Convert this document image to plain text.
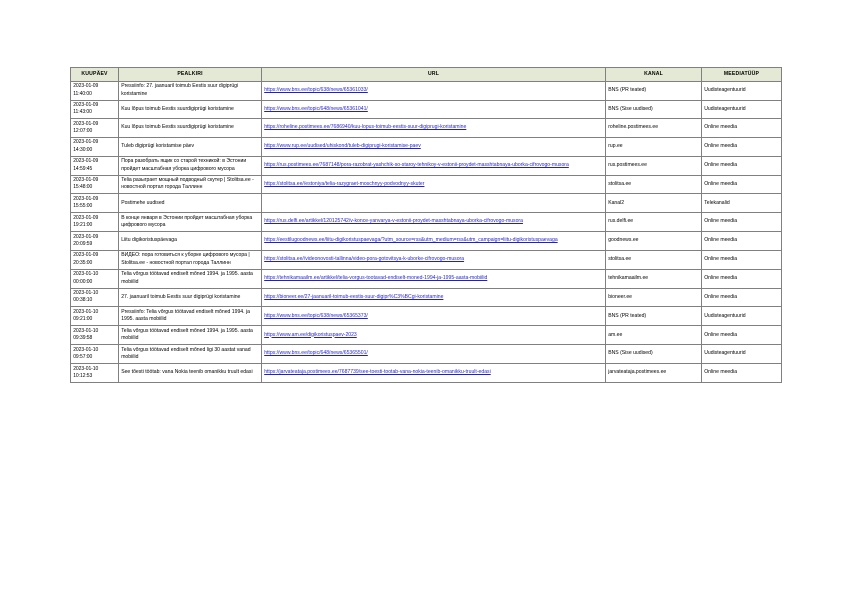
KUUPÄEV	PEALKIRI	URL	KANAL	MEEDIATÜÜP

2023-01-09
11:40:00	Pressiinfo: 27. jaanuaril toimub Eestis suur digiprügi koristamine	https://www.bns.ee/topic/638/news/65361033/	BNS (PR teated)	Uudisteagentuurid

2023-01-09
11:43:00	Kuu lõpus toimub Eestis suurdigiprügi koristamine	https://www.bns.ee/topic/648/news/65361041/	BNS (Sise uudised)	Uudisteagentuurid

2023-01-09
12:07:00	Kuu lõpus toimub Eestis suurdigiprügi koristamine	https://roheline.postimees.ee/7686940/kuu-lopus-toimub-eestis-suur-digiprugi-koristamine	roheline.postimees.ee	Online meedia

2023-01-09
14:30:00	Tuleb digiprügi koristamise päev	https://www.rup.ee/uudised/uhiskond/tuleb-digiprugi-koristamise-paev	rup.ee	Online meedia

2023-01-09
14:59:45	Пора разобрать ящик со старой техникой: в Эстонии пройдет масштабная уборка цифрового мусора	https://rus.postimees.ee/7687148/pora-razobrat-yashchik-so-staroy-tehnikoy-v-estonii-proydet-masshtabnaya-uborka-cifrovogo-musora	rus.postimees.ee	Online meedia

2023-01-09
15:48:00	Telia разыграет мощный подводный скутер | Stolitsa.ee - новостной портал города Таллинн	https://stolitsa.ee//estoniya/telia-razygraet-moschnyy-podvodnyy-skuter	stolitsa.ee	Online meedia

2023-01-09
15:55:00	Postimehe uudised		Kanal2	Telekanalid

2023-01-09
19:21:00	В конце января в Эстонии пройдет масштабная уборка цифрового мусора	https://rus.delfi.ee/artikkel/120125742/v-konce-yanvarya-v-estonii-proydet-masshtabnaya-uborka-cifrovogo-musora	rus.delfi.ee	Online meedia

2023-01-09
20:09:59	Liitu digikoristuspäevaga	https://eestilugoodnews.ee/liitu-digikoristuspaevaga/?utm_source=rss&utm_medium=rss&utm_campaign=liitu-digikoristuspaevaga	goodnews.ee	Online meedia

2023-01-09
20:35:00	ВИДЕО: пора готовиться к уборке цифрового мусора | Stolitsa.ee - новостной портал города Таллинн	https://stolitsa.ee//videonovosti-tallinna/video-pora-gotovitsya-k-uborke-cifrovogo-musora	stolitsa.ee	Online meedia

2023-01-10
00:00:00	Telia võrgus töötavad endiselt mõned 1994. ja 1995. aasta mobiilid	https://tehnikamaailm.ee/artikkel/telia-vorgus-tootavad-endiselt-moned-1994-ja-1995-aasta-mobiilid	tehnikamaailm.ee	Online meedia

2023-01-10
00:38:10	27. jaanuaril toimub Eestis suur digiprügi koristamine	https://bioneer.ee/27-jaanuaril-toimub-eestis-suur-digipr%C3%BCgi-koristamine	bioneer.ee	Online meedia

2023-01-10
09:21:00	Pressiinfo: Telia võrgus töötavad endiselt mõned 1994. ja 1995. aasta mobiilid	https://www.bns.ee/topic/638/news/65365373/	BNS (PR teated)	Uudisteagentuurid

2023-01-10
09:39:58	Telia võrgus töötavad endiselt mõned 1994. ja 1995. aasta mobiilid	https://www.am.ee/digikoristuspaev-2023	am.ee	Online meedia

2023-01-10
09:57:00	Telia võrgus töötavad endiselt mõned ligi 30 aastat vanad mobiilid	https://www.bns.ee/topic/648/news/65365501/	BNS (Sise uudised)	Uudisteagentuurid

2023-01-10
10:12:53	See tõesti töötab: vana Nokia teenib omanikku truult edasi	https://jarvateataja.postimees.ee/7687739/see-toesti-tootab-vana-nokia-teenib-omanikku-truult-edasi	jarvateataja.postimees.ee	Online meedia
